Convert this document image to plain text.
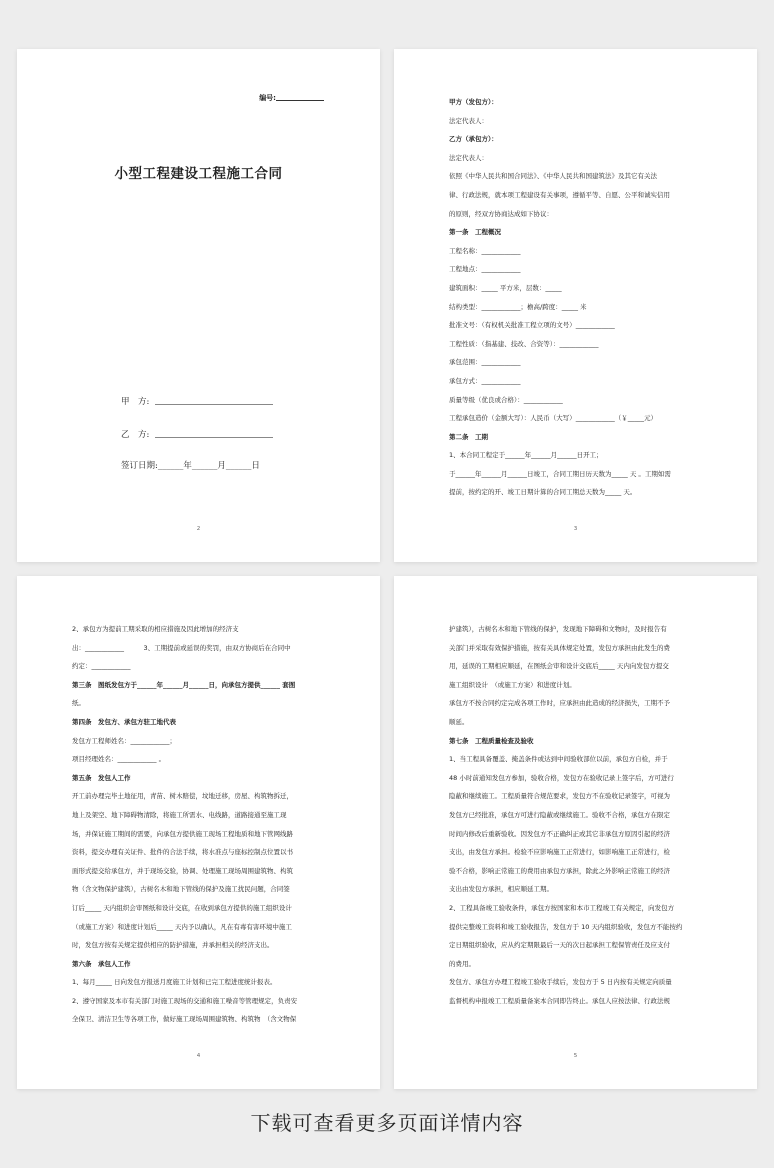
编号:
小型工程建设工程施工合同
甲　方:
乙　方:
签订日期:______年______月______日
2

甲方（发包方）：

法定代表人：

乙方（承包方）：

法定代表人：

依照《中华人民共和国合同法》、《中华人民共和国建筑法》及其它有关法

律、行政法规，就本项工程建设有关事项，遵循平等、自愿、公平和诚实信用

的原则，经双方协商达成如下协议：

第一条　工程概况

工程名称：____________

工程地点：____________

建筑面积：_____ 平方米，层数：_____

结构类型：____________；檐高/跨度：_____ 米

批准文号：（有权机关批准工程立项的文号）____________

工程性质：（指基建、技改、合资等）：____________

承包范围：____________

承包方式：____________

质量等级（优良或合格）：____________

工程承包造价（金额大写）：人民币（大写）____________（￥_____元）

第二条　工期

1、本合同工程定于______年______月______日开工；

于______年______月______日竣工，合同工期日历天数为_____ 天 。工期如需

提前，按约定的开、竣工日期计算的合同工期总天数为_____ 天。

3

2、承包方为提前工期采取的相应措施及因此增加的经济支

出：____________　　　3、工期提前或延误的奖罚，由双方协商后在合同中

约定：____________

第三条　图纸发包方于______年______月______日，向承包方提供______ 套图

纸。

第四条　发包方、承包方驻工地代表

发包方工程师姓名：____________；

项目经理姓名：____________ 。

第五条　发包人工作

开工前办理完毕土地征用，青苗、树木赔偿，坟地迁移，房屋、构筑物拆迁，

地上及架空、地下障碍物清除，将施工所需水、电线路，道路接通至施工现

场，并保证施工期间的需要，向承包方提供施工现场工程地质和地下管网线路

资料，提交办理有关证件、批件的合法手续，将水准点与座标控制点位置以书

面形式提交给承包方，并于现场交验，协调、处理施工现场周围建筑物、构筑

物（含文物保护建筑），古树名木和地下管线的保护及施工扰民问题，合同签

订后_____ 天内组织会审图纸和设计交底，在收到承包方提供的施工组织设计

（或施工方案）和进度计划后_____ 天内予以确认，凡在有毒有害环境中施工

时，发包方按有关规定提供相应的防护措施，并承担相关的经济支出。

第六条　承包人工作

1、每月_____ 日向发包方报送月度施工计划和已完工程进度统计报表。

2、遵守国家及本市有关部门对施工现场的交通和施工噪音等管理规定，负责安

全保卫、清洁卫生等各项工作，做好施工现场周围建筑物、构筑物　（含文物保

4

护建筑），古树名木和地下管线的保护，发现地下障碍和文物时，及时报告有

关部门并采取有效保护措施，按有关具体规定处置，发包方承担由此发生的费

用，延误的工期相应顺延，在图纸会审和设计交底后_____ 天内向发包方提交

施工组织设计　（或施工方案）和进度计划。

承包方不按合同约定完成各项工作时，应承担由此造成的经济损失，工期不予

顺延。

第七条　工程质量检查及验收

1、当工程具备覆盖、掩盖条件或达到中间验收部位以前，承包方自检，并于

48 小时前通知发包方参加，验收合格，发包方在验收记录上签字后，方可进行

隐蔽和继续施工。工程质量符合规范要求，发包方不在验收记录签字，可视为

发包方已经批准，承包方可进行隐蔽或继续施工。验收不合格，承包方在限定

时间内修改后重新验收。因发包方不正确纠正或其它非承包方原因引起的经济

支出，由发包方承担。检验不应影响施工正常进行，如影响施工正常进行，检

验不合格，影响正常施工的费用由承包方承担，除此之外影响正常施工的经济

支出由发包方承担，相应顺延工期。

2、工程具备竣工验收条件，承包方按国家和本市工程竣工有关规定，向发包方

提供完整竣工资料和竣工验收报告，发包方于 10 天内组织验收，发包方不能按约

定日期组织验收，应从约定期限最后一天的次日起承担工程保管责任及应支付

的费用。

发包方、承包方办理工程竣工验收手续后，发包方于 5 日内按有关规定向质量

监督机构申报竣工工程质量备案本合同即告终止。承包人应按法律、行政法规

5
下载可查看更多页面详情内容
